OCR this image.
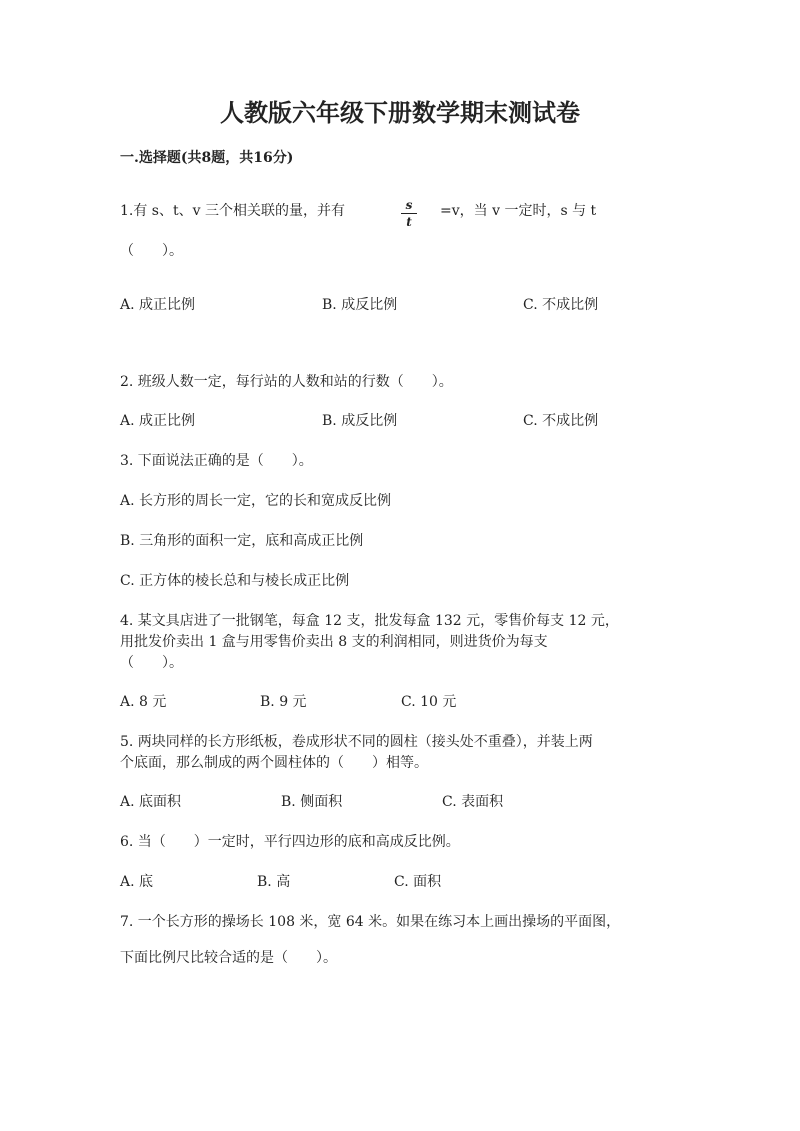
人教版六年级下册数学期末测试卷
一.选择题(共8题，共16分)
1.有 s、t、v 三个相关联的量，并有	s
t
=v，当 v 一定时，s 与 t
（　　）。
A. 成正比例	B. 成反比例	C. 不成比例
2. 班级人数一定，每行站的人数和站的行数（　　）。
A. 成正比例	B. 成反比例	C. 不成比例
3. 下面说法正确的是（　　）。
A. 长方形的周长一定，它的长和宽成反比例
B. 三角形的面积一定，底和高成正比例
C. 正方体的棱长总和与棱长成正比例
4. 某文具店进了一批钢笔，每盒 12 支，批发每盒 132 元，零售价每支 12 元，
用批发价卖出 1 盒与用零售价卖出 8 支的利润相同，则进货价为每支
（　　）。
A. 8 元	B. 9 元	C. 10 元
5. 两块同样的长方形纸板，卷成形状不同的圆柱（接头处不重叠），并装上两
个底面，那么制成的两个圆柱体的（　　）相等。
A. 底面积	B. 侧面积	C. 表面积
6. 当（　　）一定时，平行四边形的底和高成反比例。
A. 底	B. 高	C. 面积
7. 一个长方形的操场长 108 米，宽 64 米。如果在练习本上画出操场的平面图，
下面比例尺比较合适的是（　　）。
